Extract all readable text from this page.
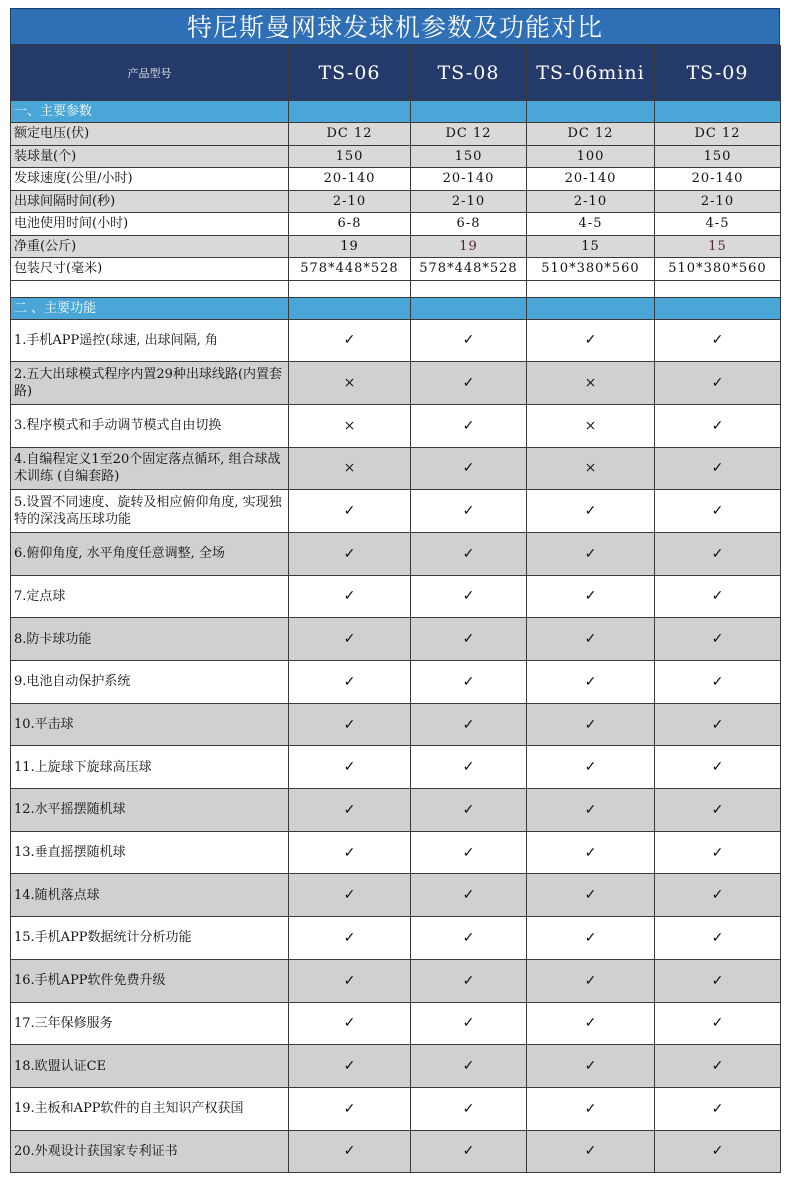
特尼斯曼网球发球机参数及功能对比
产品型号	TS-06	TS-08	TS-06mini	TS-09
一、主要参数				
额定电压(伏)	DC 12	DC 12	DC 12	DC 12
装球量(个)	150	150	100	150
发球速度(公里/小时)	20-140	20-140	20-140	20-140
出球间隔时间(秒)	2-10	2-10	2-10	2-10
电池使用时间(小时)	6-8	6-8	4-5	4-5
净重(公斤)	19	19	15	15
包装尺寸(毫米)	578*448*528	578*448*528	510*380*560	510*380*560

二 、主要功能				
1.手机APP遥控(球速, 出球间隔, 角	✓	✓	✓	✓
2.五大出球模式程序内置29种出球线路(内置套路)	×	✓	×	✓
3.程序模式和手动调节模式自由切换	×	✓	×	✓
4.自编程定义1至20个固定落点循环, 组合球战术训练 (自编套路)	×	✓	×	✓
5.设置不同速度、旋转及相应俯仰角度, 实现独特的深浅高压球功能	✓	✓	✓	✓
6.俯仰角度, 水平角度任意调整, 全场	✓	✓	✓	✓
7.定点球	✓	✓	✓	✓
8.防卡球功能	✓	✓	✓	✓
9.电池自动保护系统	✓	✓	✓	✓
10.平击球	✓	✓	✓	✓
11.上旋球下旋球高压球	✓	✓	✓	✓
12.水平摇摆随机球	✓	✓	✓	✓
13.垂直摇摆随机球	✓	✓	✓	✓
14.随机落点球	✓	✓	✓	✓
15.手机APP数据统计分析功能	✓	✓	✓	✓
16.手机APP软件免费升级	✓	✓	✓	✓
17.三年保修服务	✓	✓	✓	✓
18.欧盟认证CE	✓	✓	✓	✓
19.主板和APP软件的自主知识产权获国	✓	✓	✓	✓
20.外观设计获国家专利证书	✓	✓	✓	✓
